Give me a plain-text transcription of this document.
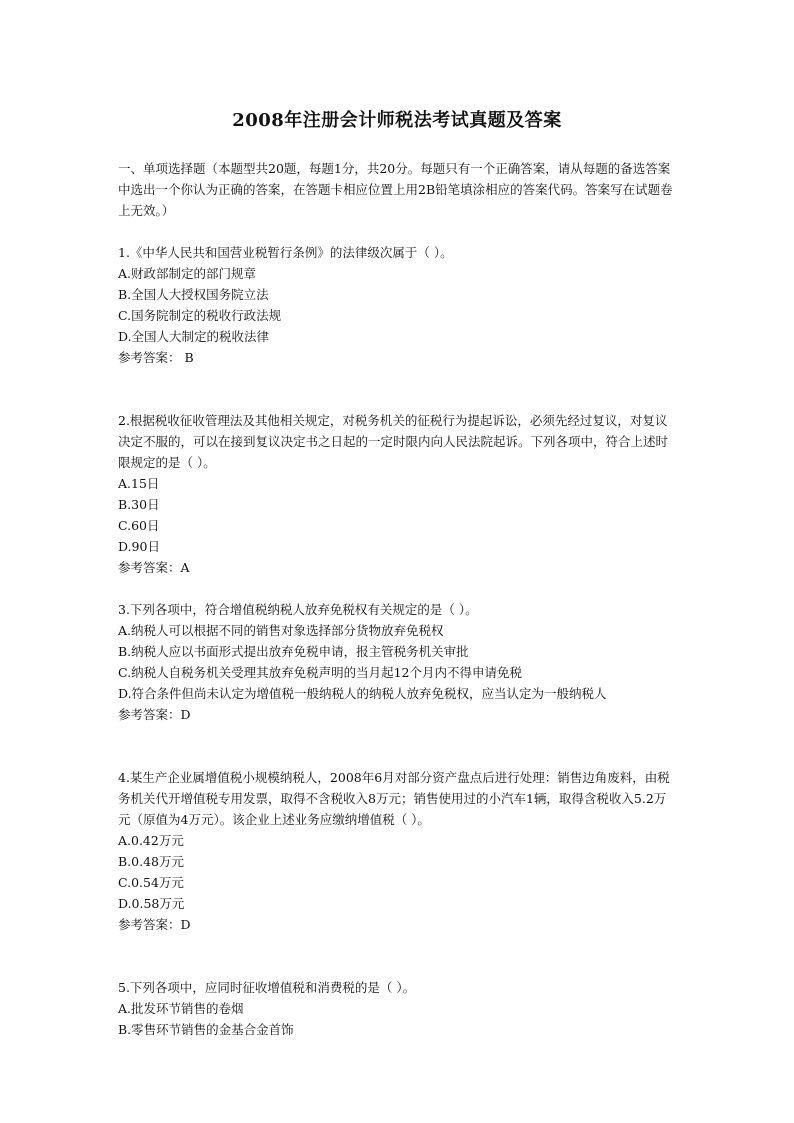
2008年注册会计师税法考试真题及答案

一、单项选择题（本题型共20题，每题1分，共20分。每题只有一个正确答案，请从每题的备选答案中选出一个你认为正确的答案，在答题卡相应位置上用2B铅笔填涂相应的答案代码。答案写在试题卷上无效。）

1.《中华人民共和国营业税暂行条例》的法律级次属于（ ）。

A.财政部制定的部门规章

B.全国人大授权国务院立法

C.国务院制定的税收行政法规

D.全国人大制定的税收法律

参考答案： B

2.根据税收征收管理法及其他相关规定，对税务机关的征税行为提起诉讼，必须先经过复议，对复议决定不服的，可以在接到复议决定书之日起的一定时限内向人民法院起诉。下列各项中，符合上述时限规定的是（ ）。

A.15日

B.30日

C.60日

D.90日

参考答案：A

3.下列各项中，符合增值税纳税人放弃免税权有关规定的是（ ）。

A.纳税人可以根据不同的销售对象选择部分货物放弃免税权

B.纳税人应以书面形式提出放弃免税申请，报主管税务机关审批

C.纳税人自税务机关受理其放弃免税声明的当月起12个月内不得申请免税

D.符合条件但尚未认定为增值税一般纳税人的纳税人放弃免税权，应当认定为一般纳税人

参考答案：D

4.某生产企业属增值税小规模纳税人，2008年6月对部分资产盘点后进行处理：销售边角废料，由税务机关代开增值税专用发票，取得不含税收入8万元；销售使用过的小汽车1辆，取得含税收入5.2万元（原值为4万元）。该企业上述业务应缴纳增值税（ ）。

A.0.42万元

B.0.48万元

C.0.54万元

D.0.58万元

参考答案：D

5.下列各项中，应同时征收增值税和消费税的是（ ）。

A.批发环节销售的卷烟

B.零售环节销售的金基合金首饰
